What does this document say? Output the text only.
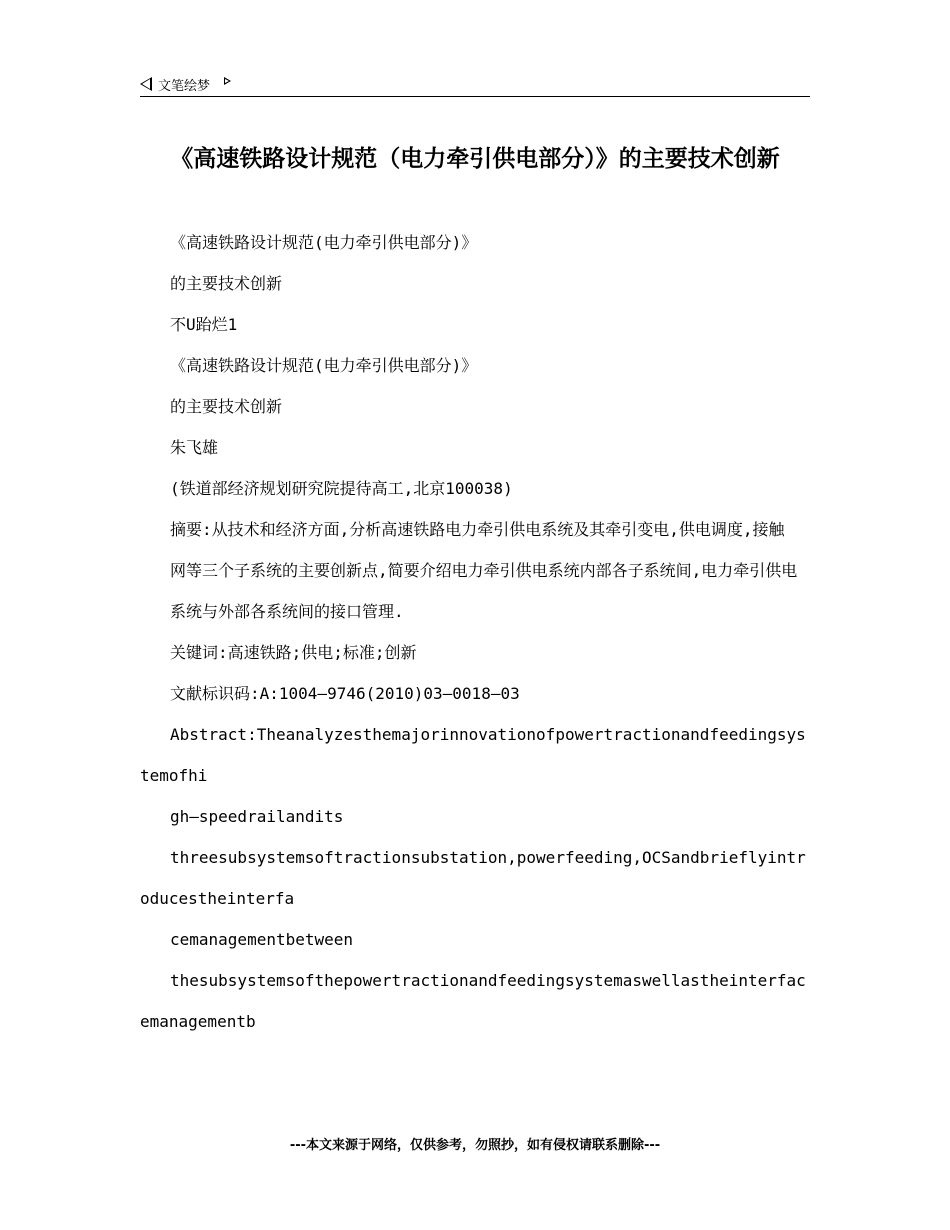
文笔绘梦
《高速铁路设计规范（电力牵引供电部分）》的主要技术创新

《高速铁路设计规范(电力牵引供电部分)》

的主要技术创新

不U跆烂1

《高速铁路设计规范(电力牵引供电部分)》

的主要技术创新

朱飞雄

(铁道部经济规划研究院提待高工,北京100038)

摘要:从技术和经济方面,分析高速铁路电力牵引供电系统及其牵引变电,供电调度,接触

网等三个子系统的主要创新点,简要介绍电力牵引供电系统内部各子系统间,电力牵引供电

系统与外部各系统间的接口管理.

关键词:高速铁路;供电;标准;创新

文献标识码:A:1004—9746(2010)03—0018—03

Abstract:Theanalyzesthemajorinnovationofpowertractionandfeedingsystemofhi

gh—speedrailandits

threesubsystemsoftractionsubstation,powerfeeding,OCSandbrieflyintroducestheinterfa

cemanagementbetween

thesubsystemsofthepowertractionandfeedingsystemaswellastheinterfacemanagementb

---本文来源于网络，仅供参考，勿照抄，如有侵权请联系删除---
